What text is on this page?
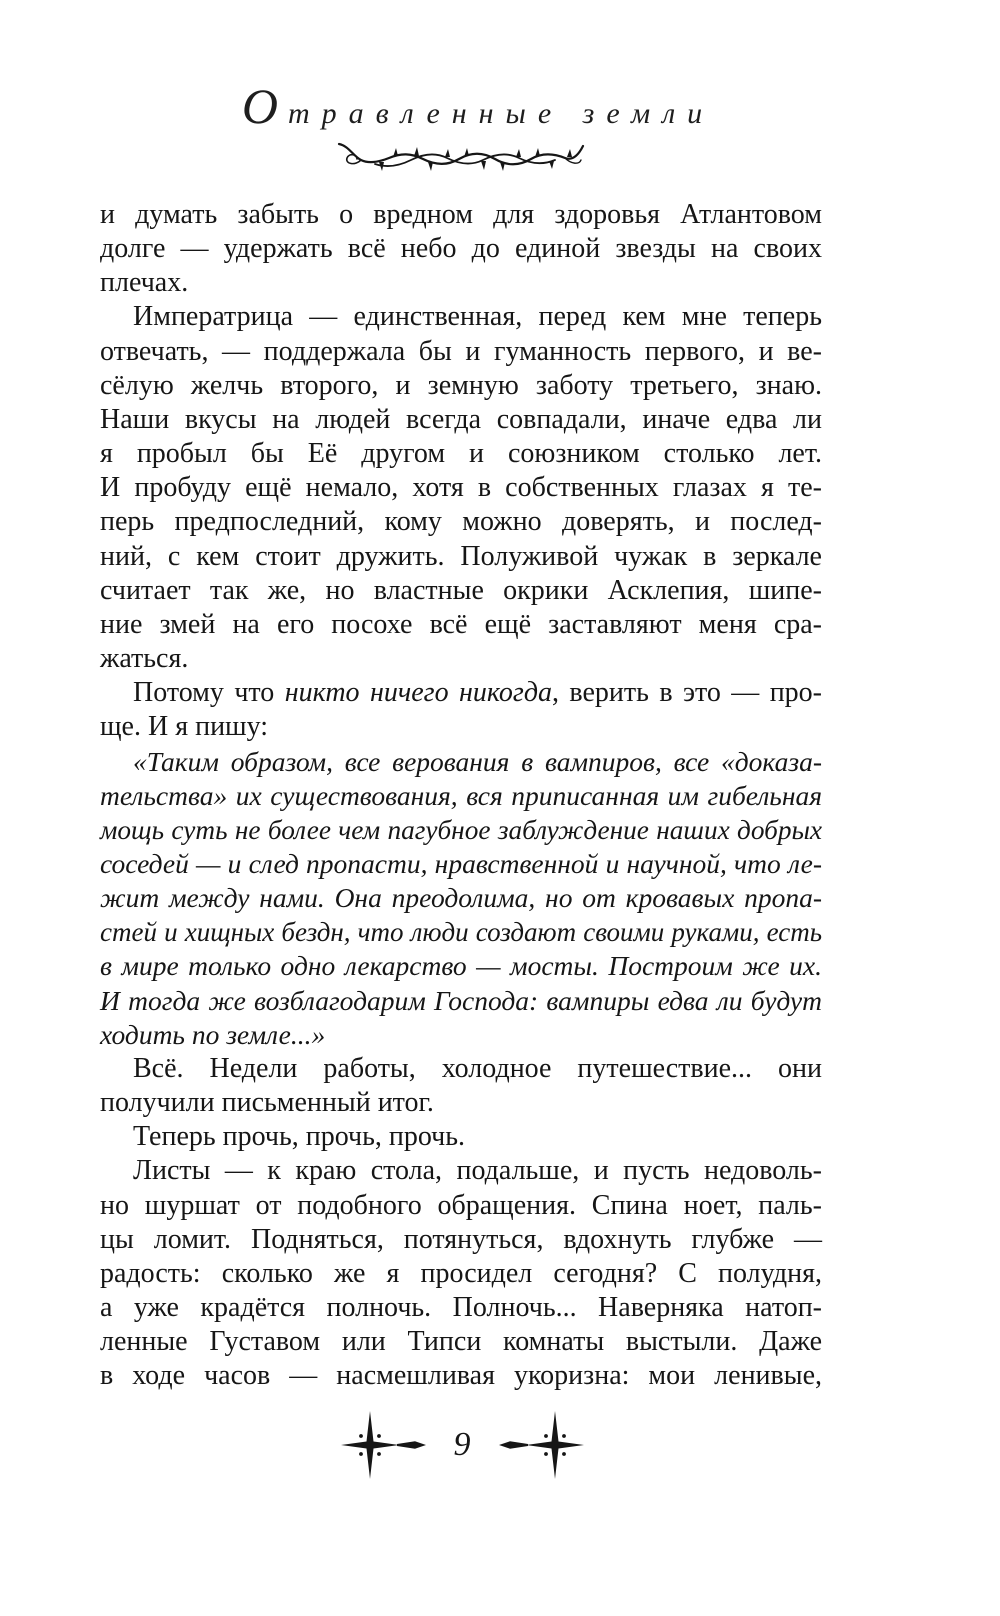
Отравленные земли
и думать забыть о вредном для здоровья Атлантовом
долге — удержать всё небо до единой звезды на своих
плечах.
Императрица — единственная, перед кем мне теперь
отвечать, — поддержала бы и гуманность первого, и ве-
сёлую желчь второго, и земную заботу третьего, знаю.
Наши вкусы на людей всегда совпадали, иначе едва ли
я пробыл бы Её другом и союзником столько лет.
И пробуду ещё немало, хотя в собственных глазах я те-
перь предпоследний, кому можно доверять, и послед-
ний, с кем стоит дружить. Полуживой чужак в зеркале
считает так же, но властные окрики Асклепия, шипе-
ние змей на его посохе всё ещё заставляют меня сра-
жаться.
Потому что никто ничего никогда, верить в это — про-
ще. И я пишу:
«Таким образом, все верования в вампиров, все «доказа-
тельства» их существования, вся приписанная им гибельная
мощь суть не более чем пагубное заблуждение наших добрых
соседей — и след пропасти, нравственной и научной, что ле-
жит между нами. Она преодолима, но от кровавых пропа-
стей и хищных бездн, что люди создают своими руками, есть
в мире только одно лекарство — мосты. Построим же их.
И тогда же возблагодарим Господа: вампиры едва ли будут
ходить по земле...»
Всё. Недели работы, холодное путешествие... они
получили письменный итог.
Теперь прочь, прочь, прочь.
Листы — к краю стола, подальше, и пусть недоволь-
но шуршат от подобного обращения. Спина ноет, паль-
цы ломит. Подняться, потянуться, вдохнуть глубже —
радость: сколько же я просидел сегодня? С полудня,
а уже крадётся полночь. Полночь... Наверняка натоп-
ленные Густавом или Типси комнаты выстыли. Даже
в ходе часов — насмешливая укоризна: мои ленивые,
9
